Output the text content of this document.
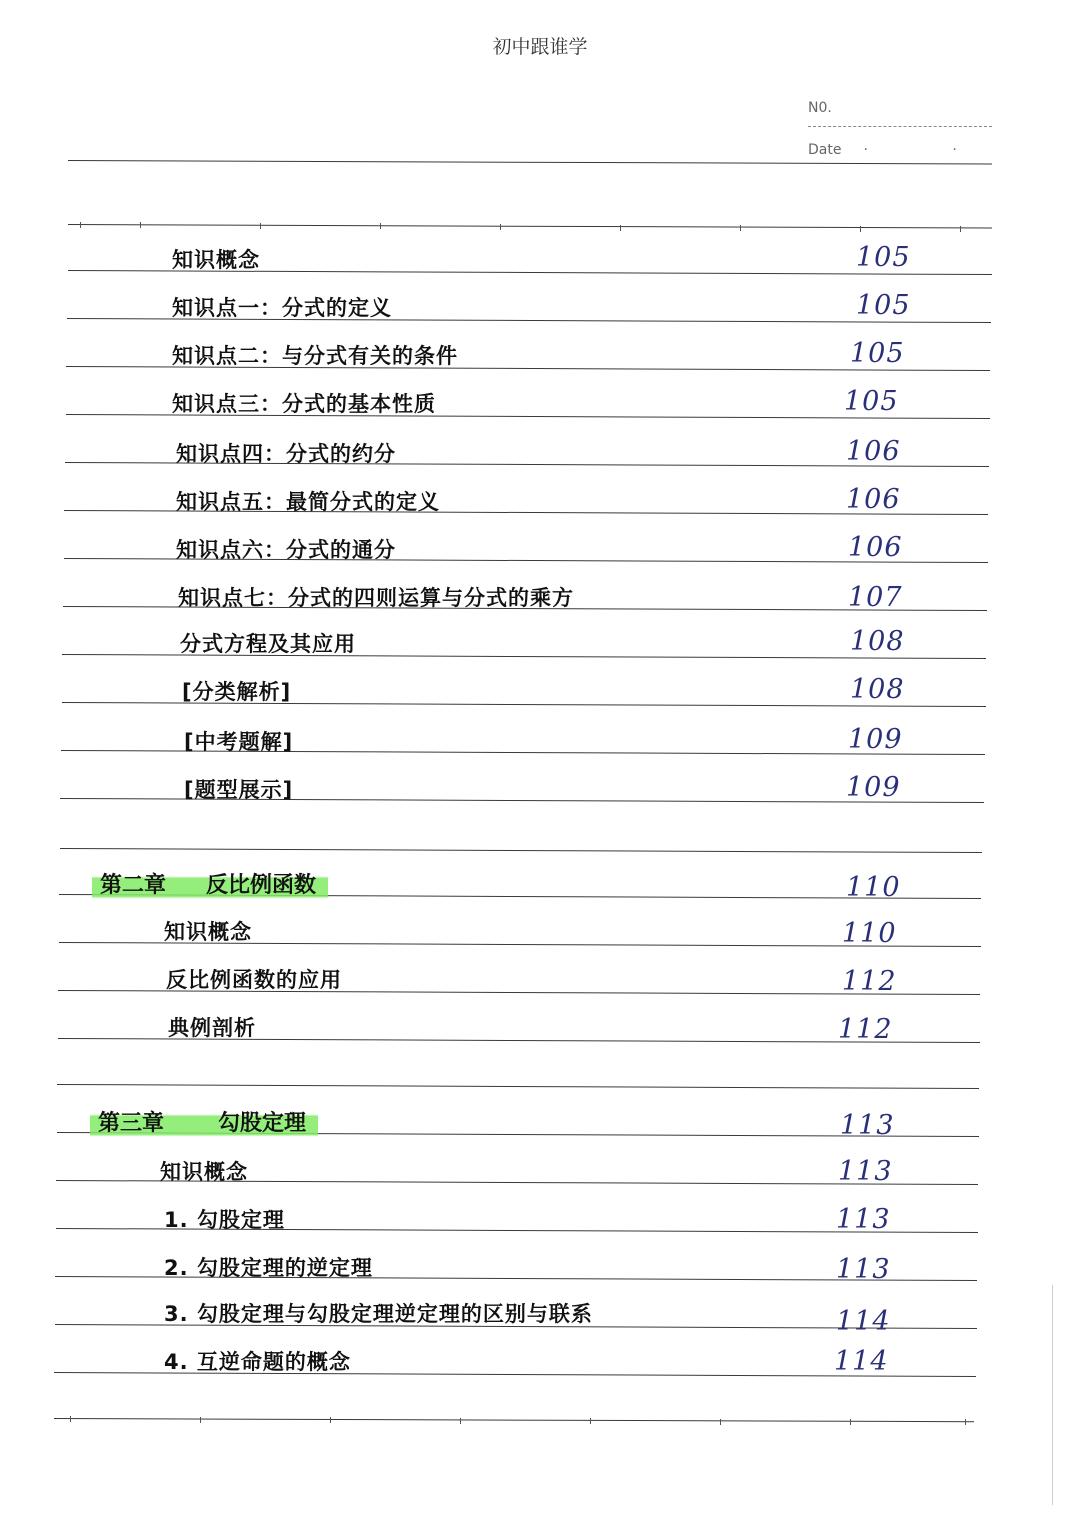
初中跟谁学
N0.
Date · ·
知识概念	105
知识点一：分式的定义	105
知识点二：与分式有关的条件	105
知识点三：分式的基本性质	105
知识点四：分式的约分	106
知识点五：最简分式的定义	106
知识点六：分式的通分	106
知识点七：分式的四则运算与分式的乘方	107
分式方程及其应用	108
[分类解析]	108
[中考题解]	109
[题型展示]	109
第二章 反比例函数	110
知识概念	110
反比例函数的应用	112
典例剖析	112
第三章 勾股定理	113
知识概念	113
1. 勾股定理	113
2. 勾股定理的逆定理	113
3. 勾股定理与勾股定理逆定理的区别与联系	114
4. 互逆命题的概念	114
